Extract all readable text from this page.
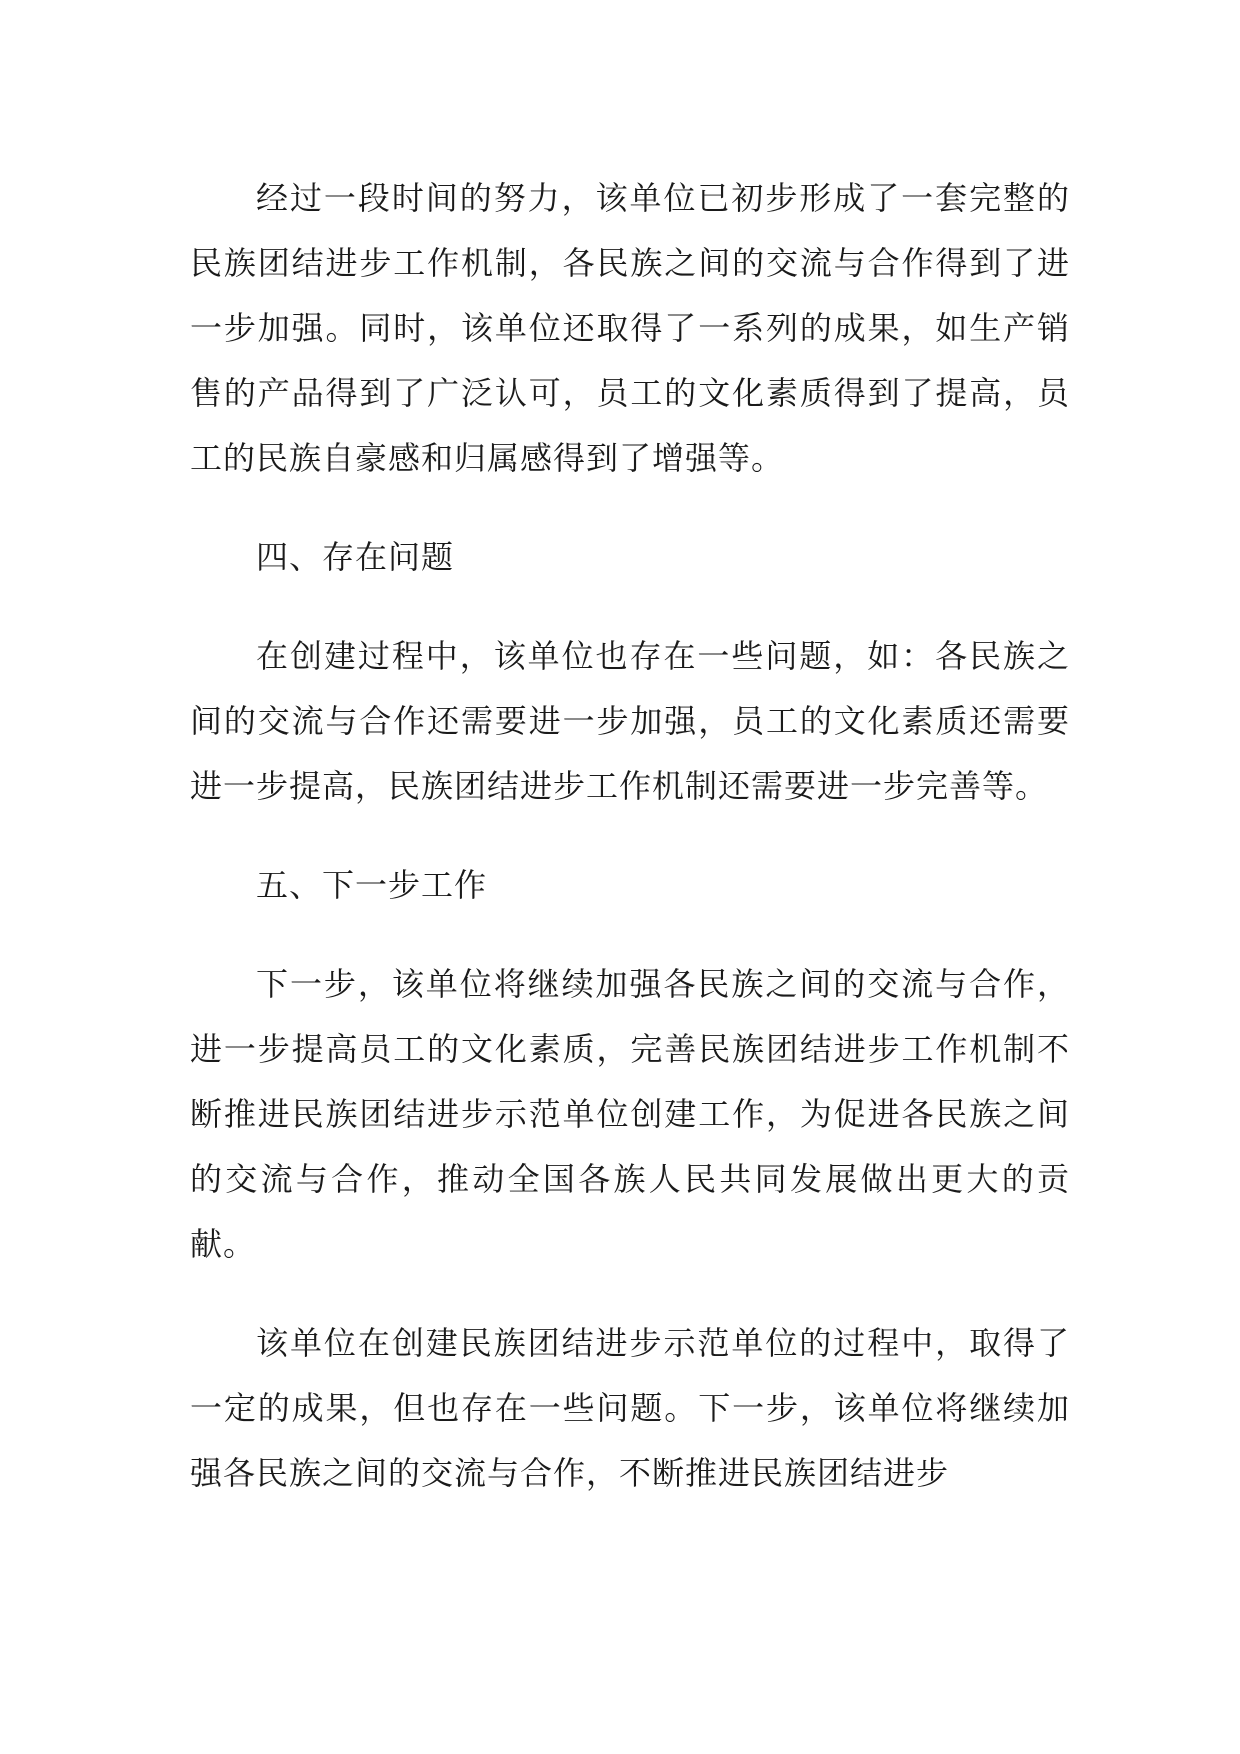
经过一段时间的努力，该单位已初步形成了一套完整的民族团结进步工作机制，各民族之间的交流与合作得到了进一步加强。同时，该单位还取得了一系列的成果，如生产销售的产品得到了广泛认可，员工的文化素质得到了提高，员工的民族自豪感和归属感得到了增强等。

四、存在问题

在创建过程中，该单位也存在一些问题，如：各民族之间的交流与合作还需要进一步加强，员工的文化素质还需要进一步提高，民族团结进步工作机制还需要进一步完善等。

五、下一步工作

下一步，该单位将继续加强各民族之间的交流与合作，进一步提高员工的文化素质，完善民族团结进步工作机制不断推进民族团结进步示范单位创建工作，为促进各民族之间的交流与合作，推动全国各族人民共同发展做出更大的贡献。

该单位在创建民族团结进步示范单位的过程中，取得了一定的成果，但也存在一些问题。下一步，该单位将继续加强各民族之间的交流与合作，不断推进民族团结进步
